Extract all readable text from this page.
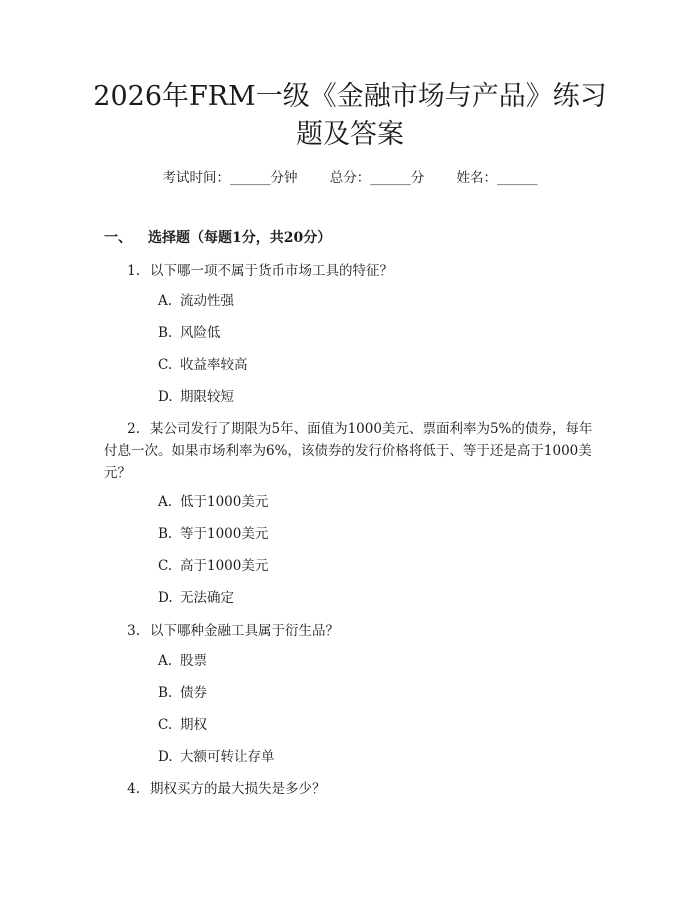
2026年FRM一级《金融市场与产品》练习题及答案
考试时间：______分钟 总分：______分 姓名：______
一、 选择题（每题1分，共20分）
1. 以下哪一项不属于货币市场工具的特征？
A. 流动性强
B. 风险低
C. 收益率较高
D. 期限较短
2. 某公司发行了期限为5年、面值为1000美元、票面利率为5%的债券，每年付息一次。如果市场利率为6%，该债券的发行价格将低于、等于还是高于1000美元？
A. 低于1000美元
B. 等于1000美元
C. 高于1000美元
D. 无法确定
3. 以下哪种金融工具属于衍生品？
A. 股票
B. 债券
C. 期权
D. 大额可转让存单
4. 期权买方的最大损失是多少？
